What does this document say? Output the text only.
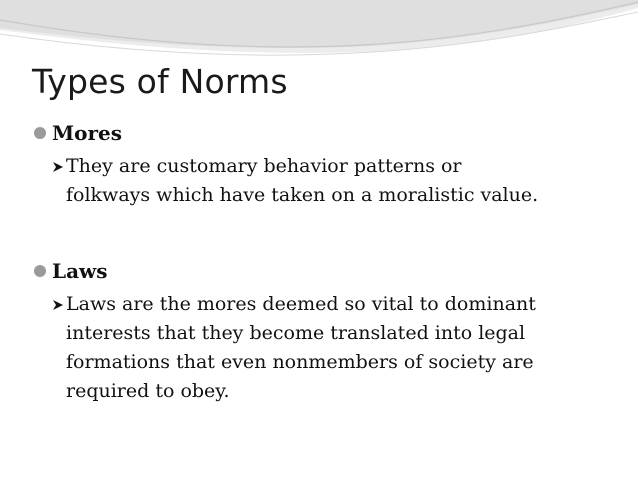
Types of Norms
Mores
They are customary behavior patterns or
folkways which have taken on a moralistic value.
Laws
Laws are the mores deemed so vital to dominant
interests that they become translated into legal
formations that even nonmembers of society are
required to obey.
